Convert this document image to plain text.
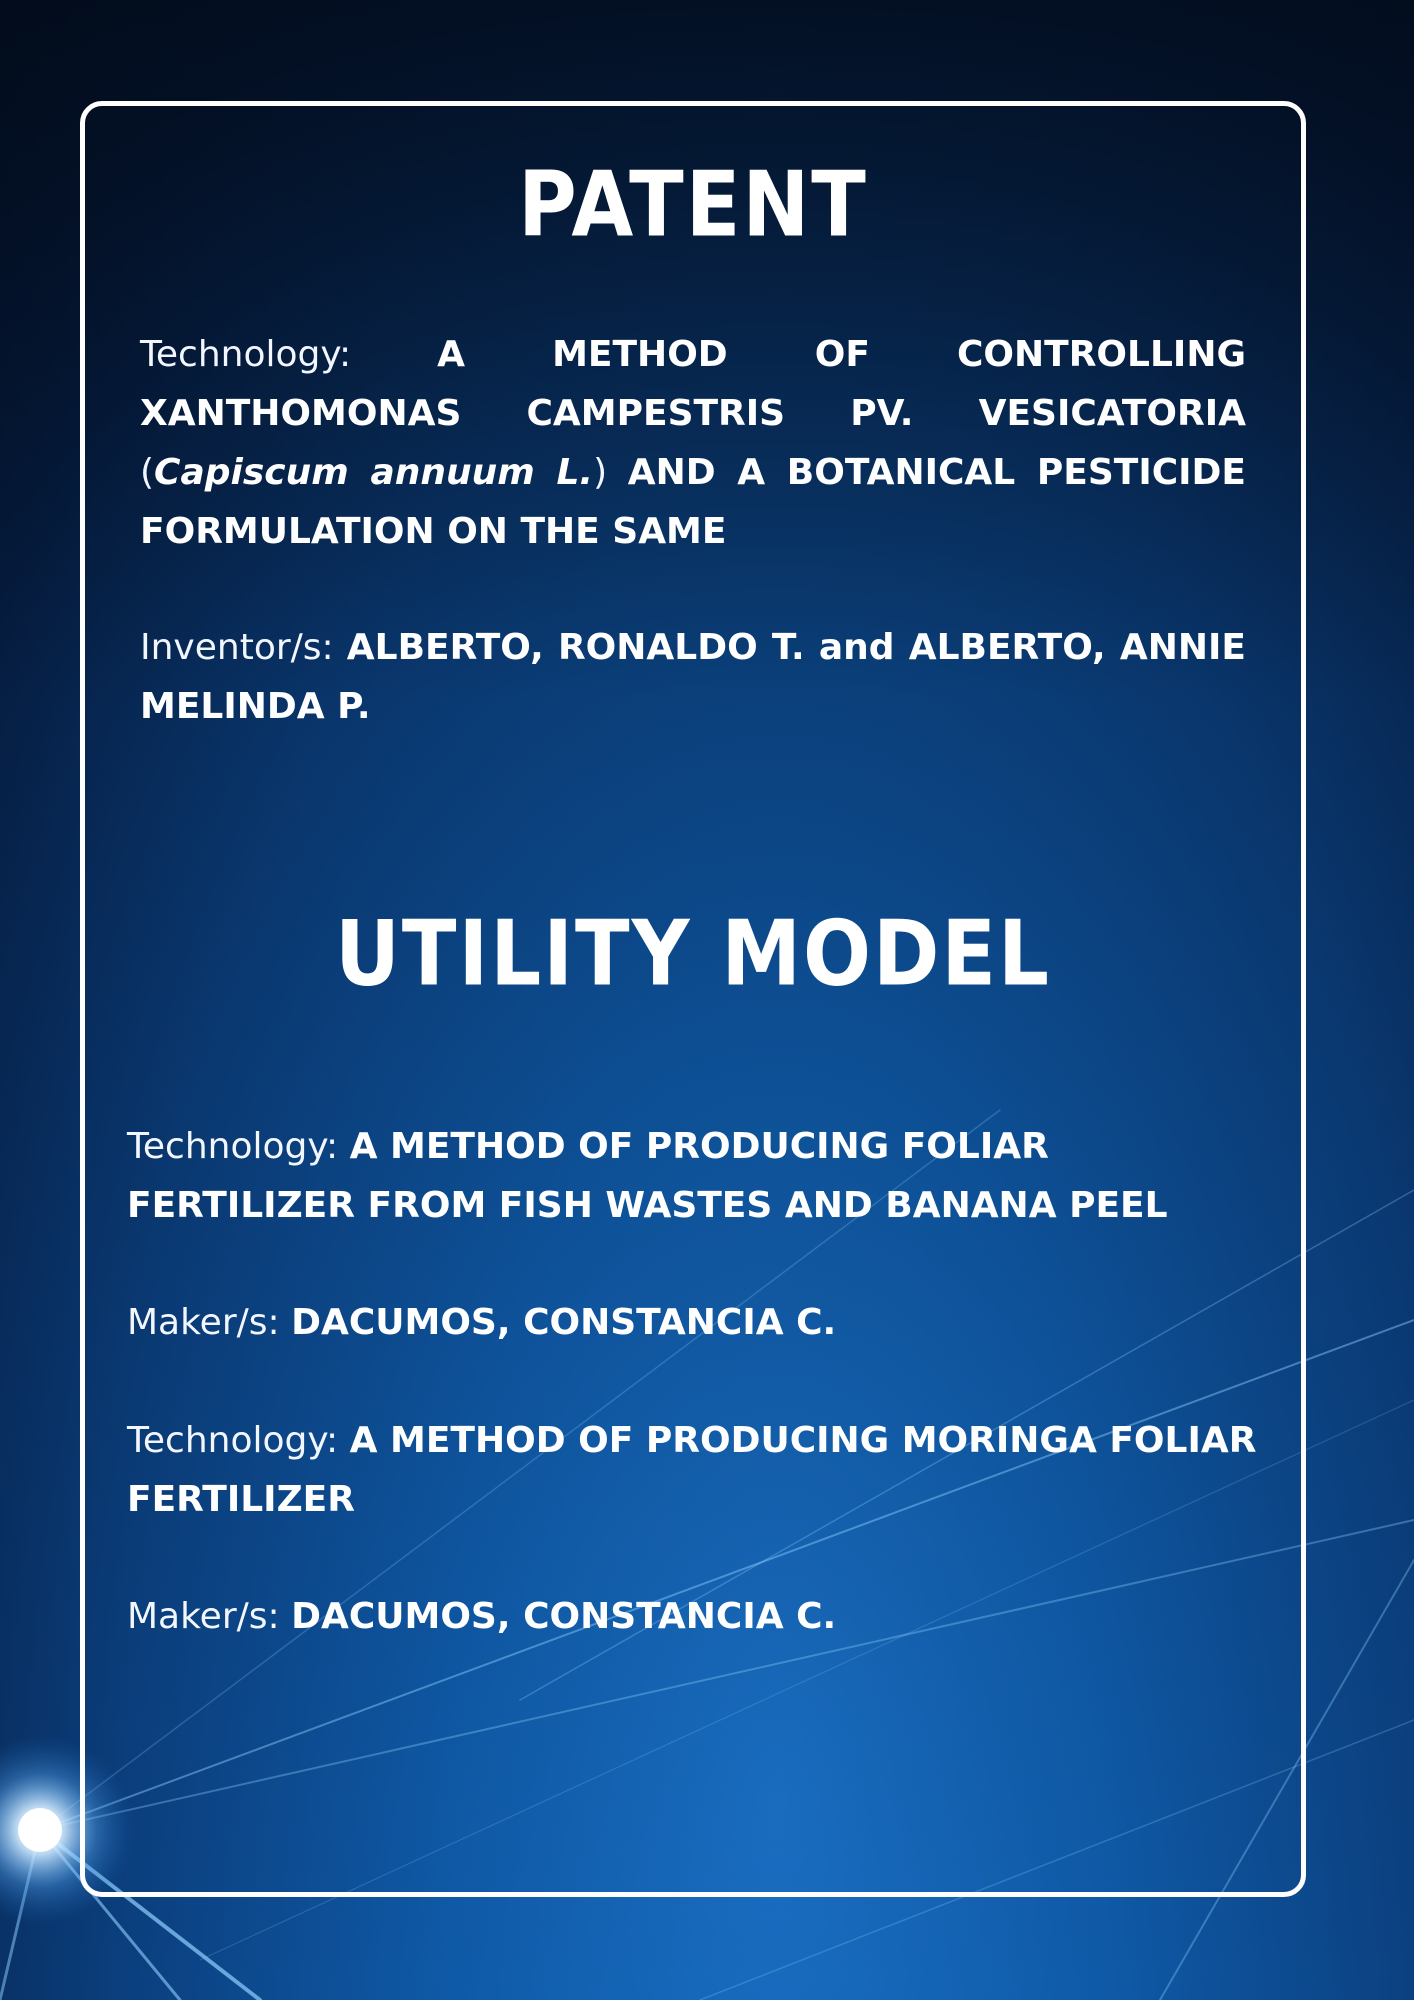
PATENT

Technology: A METHOD OF CONTROLLING XANTHOMONAS CAMPESTRIS PV. VESICATORIA (Capiscum annuum L.) AND A BOTANICAL PESTICIDE FORMULATION ON THE SAME

Inventor/s: ALBERTO, RONALDO T. and ALBERTO, ANNIE MELINDA P.

UTILITY MODEL

Technology: A METHOD OF PRODUCING FOLIAR FERTILIZER FROM FISH WASTES AND BANANA PEEL

Maker/s: DACUMOS, CONSTANCIA C.

Technology: A METHOD OF PRODUCING MORINGA FOLIAR FERTILIZER

Maker/s: DACUMOS, CONSTANCIA C.
